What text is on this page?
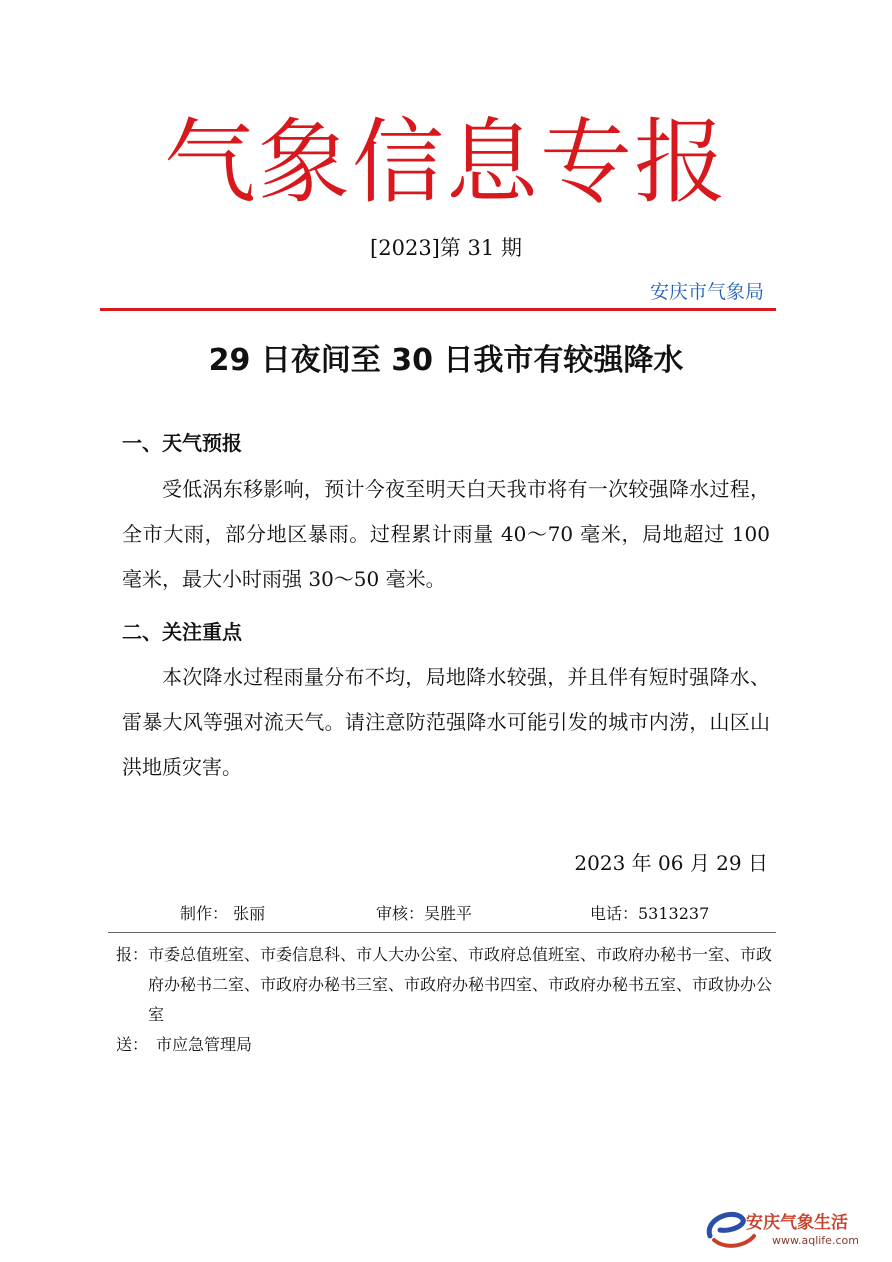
气象信息专报
[2023]第 31 期
安庆市气象局
29 日夜间至 30 日我市有较强降水
一、天气预报

受低涡东移影响，预计今夜至明天白天我市将有一次较强降水过程，全市大雨，部分地区暴雨。过程累计雨量 40～70 毫米，局地超过 100 毫米，最大小时雨强 30～50 毫米。

二、关注重点

本次降水过程雨量分布不均，局地降水较强，并且伴有短时强降水、雷暴大风等强对流天气。请注意防范强降水可能引发的城市内涝，山区山洪地质灾害。

2023 年 06 月 29 日
制作： 张丽	审核：吴胜平	电话：5313237
报： 市委总值班室、市委信息科、市人大办公室、市政府总值班室、市政府办秘书一室、市政府办秘书二室、市政府办秘书三室、市政府办秘书四室、市政府办秘书五室、市政协办公室
送： 市应急管理局
安庆气象生活
www.aqlife.com
